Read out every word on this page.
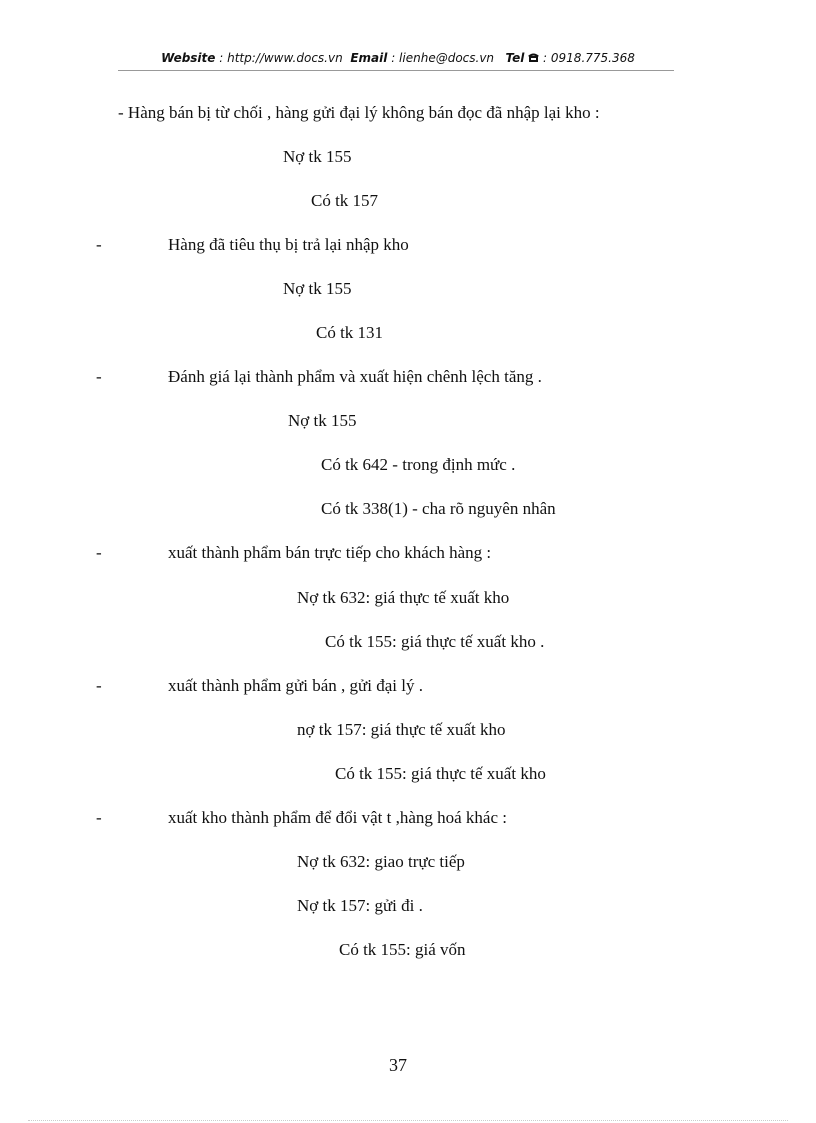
Website : http://www.docs.vn Email : lienhe@docs.vn Tel : 0918.775.368
- Hàng bán bị từ chối , hàng gửi đại lý không bán đọc đã nhập lại kho :
Nợ tk 155
Có tk 157
-	Hàng đã tiêu thụ bị trả lại nhập kho
Nợ tk 155
Có tk 131
-	Đánh giá lại thành phẩm và xuất hiện chênh lệch tăng .
Nợ tk 155
Có tk 642 - trong định mức .
Có tk 338(1) - cha rõ nguyên nhân
-	xuất thành phẩm bán trực tiếp cho khách hàng :
Nợ tk 632: giá thực tế xuất kho
Có tk 155: giá thực tế xuất kho .
-	xuất thành phẩm gửi bán , gửi đại lý .
nợ tk 157: giá thực tế xuất kho
Có tk 155: giá thực tế xuất kho
-	xuất kho thành phẩm để đổi vật t ,hàng hoá khác :
Nợ tk 632: giao trực tiếp
Nợ tk 157: gửi đi .
Có tk 155: giá vốn
37
